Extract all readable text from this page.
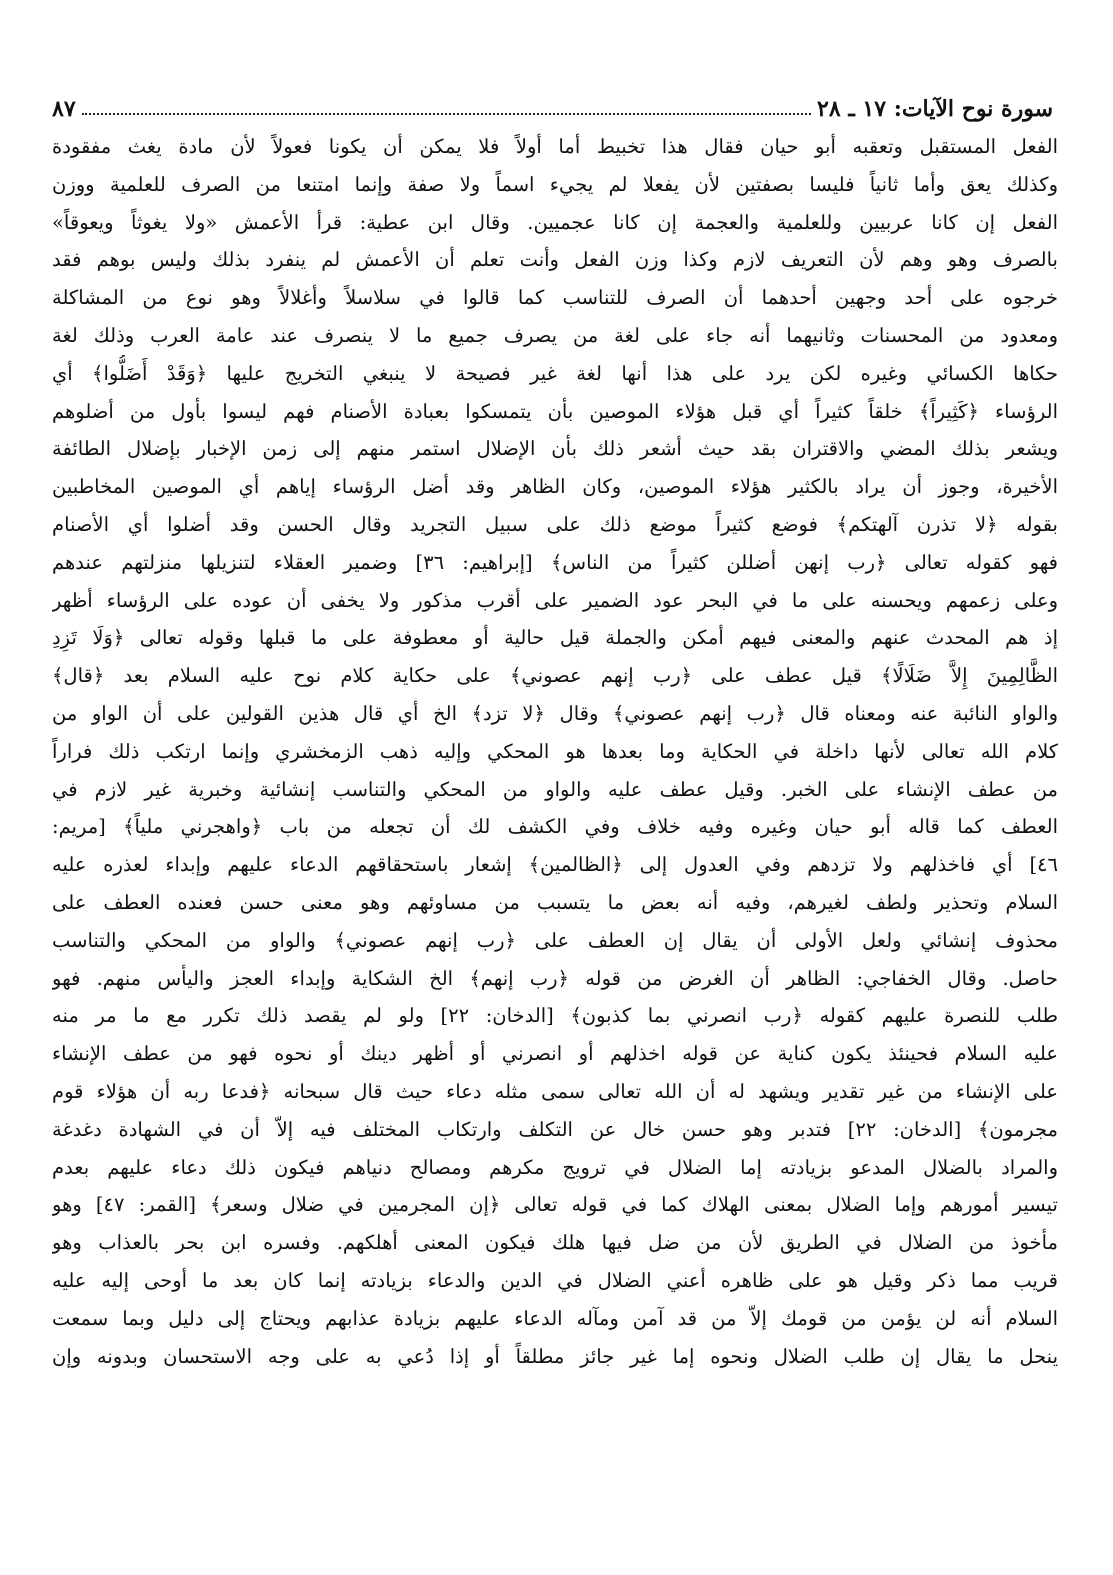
سورة نوح الآيات: ١٧ ـ ٢٨
٨٧
الفعل المستقبل وتعقبه أبو حيان فقال هذا تخبيط أما أولاً فلا يمكن أن يكونا فعولاً لأن مادة يغث مفقودة
وكذلك يعق وأما ثانياً فليسا بصفتين لأن يفعلا لم يجيء اسماً ولا صفة وإنما امتنعا من الصرف للعلمية ووزن
الفعل إن كانا عربيين وللعلمية والعجمة إن كانا عجميين. وقال ابن عطية: قرأ الأعمش «ولا يغوثاً ويعوقاً»
بالصرف وهو وهم لأن التعريف لازم وكذا وزن الفعل وأنت تعلم أن الأعمش لم ينفرد بذلك وليس بوهم فقد
خرجوه على أحد وجهين أحدهما أن الصرف للتناسب كما قالوا في سلاسلاً وأغلالاً وهو نوع من المشاكلة
ومعدود من المحسنات وثانيهما أنه جاء على لغة من يصرف جميع ما لا ينصرف عند عامة العرب وذلك لغة
حكاها الكسائي وغيره لكن يرد على هذا أنها لغة غير فصيحة لا ينبغي التخريج عليها ﴿وَقَدْ أَضَلُّوا﴾ أي
الرؤساء ﴿كَثِيراً﴾ خلقاً كثيراً أي قبل هؤلاء الموصين بأن يتمسكوا بعبادة الأصنام فهم ليسوا بأول من أضلوهم
ويشعر بذلك المضي والاقتران بقد حيث أشعر ذلك بأن الإضلال استمر منهم إلى زمن الإخبار بإضلال الطائفة
الأخيرة، وجوز أن يراد بالكثير هؤلاء الموصين، وكان الظاهر وقد أضل الرؤساء إياهم أي الموصين المخاطبين
بقوله ﴿لا تذرن آلهتكم﴾ فوضع كثيراً موضع ذلك على سبيل التجريد وقال الحسن وقد أضلوا أي الأصنام
فهو كقوله تعالى ﴿رب إنهن أضللن كثيراً من الناس﴾ [إبراهيم: ٣٦] وضمير العقلاء لتنزيلها منزلتهم عندهم
وعلى زعمهم ويحسنه على ما في البحر عود الضمير على أقرب مذكور ولا يخفى أن عوده على الرؤساء أظهر
إذ هم المحدث عنهم والمعنى فيهم أمكن والجملة قيل حالية أو معطوفة على ما قبلها وقوله تعالى ﴿وَلَا تَزِدِ
الظَّالِمِينَ إِلاَّ ضَلَالًا﴾ قيل عطف على ﴿رب إنهم عصوني﴾ على حكاية كلام نوح عليه السلام بعد ﴿قال﴾
والواو النائبة عنه ومعناه قال ﴿رب إنهم عصوني﴾ وقال ﴿لا تزد﴾ الخ أي قال هذين القولين على أن الواو من
كلام الله تعالى لأنها داخلة في الحكاية وما بعدها هو المحكي وإليه ذهب الزمخشري وإنما ارتكب ذلك فراراً
من عطف الإنشاء على الخبر. وقيل عطف عليه والواو من المحكي والتناسب إنشائية وخبرية غير لازم في
العطف كما قاله أبو حيان وغيره وفيه خلاف وفي الكشف لك أن تجعله من باب ﴿واهجرني ملياً﴾ [مريم:
٤٦] أي فاخذلهم ولا تزدهم وفي العدول إلى ﴿الظالمين﴾ إشعار باستحقاقهم الدعاء عليهم وإبداء لعذره عليه
السلام وتحذير ولطف لغيرهم، وفيه أنه بعض ما يتسبب من مساوئهم وهو معنى حسن فعنده العطف على
محذوف إنشائي ولعل الأولى أن يقال إن العطف على ﴿رب إنهم عصوني﴾ والواو من المحكي والتناسب
حاصل. وقال الخفاجي: الظاهر أن الغرض من قوله ﴿رب إنهم﴾ الخ الشكاية وإبداء العجز واليأس منهم. فهو
طلب للنصرة عليهم كقوله ﴿رب انصرني بما كذبون﴾ [الدخان: ٢٢] ولو لم يقصد ذلك تكرر مع ما مر منه
عليه السلام فحينئذ يكون كناية عن قوله اخذلهم أو انصرني أو أظهر دينك أو نحوه فهو من عطف الإنشاء
على الإنشاء من غير تقدير ويشهد له أن الله تعالى سمى مثله دعاء حيث قال سبحانه ﴿فدعا ربه أن هؤلاء قوم
مجرمون﴾ [الدخان: ٢٢] فتدبر وهو حسن خال عن التكلف وارتكاب المختلف فيه إلاّ أن في الشهادة دغدغة
والمراد بالضلال المدعو بزيادته إما الضلال في ترويج مكرهم ومصالح دنياهم فيكون ذلك دعاء عليهم بعدم
تيسير أمورهم وإما الضلال بمعنى الهلاك كما في قوله تعالى ﴿إن المجرمين في ضلال وسعر﴾ [القمر: ٤٧] وهو
مأخوذ من الضلال في الطريق لأن من ضل فيها هلك فيكون المعنى أهلكهم. وفسره ابن بحر بالعذاب وهو
قريب مما ذكر وقيل هو على ظاهره أعني الضلال في الدين والدعاء بزيادته إنما كان بعد ما أوحى إليه عليه
السلام أنه لن يؤمن من قومك إلاّ من قد آمن ومآله الدعاء عليهم بزيادة عذابهم ويحتاج إلى دليل وبما سمعت
ينحل ما يقال إن طلب الضلال ونحوه إما غير جائز مطلقاً أو إذا دُعي به على وجه الاستحسان وبدونه وإن
